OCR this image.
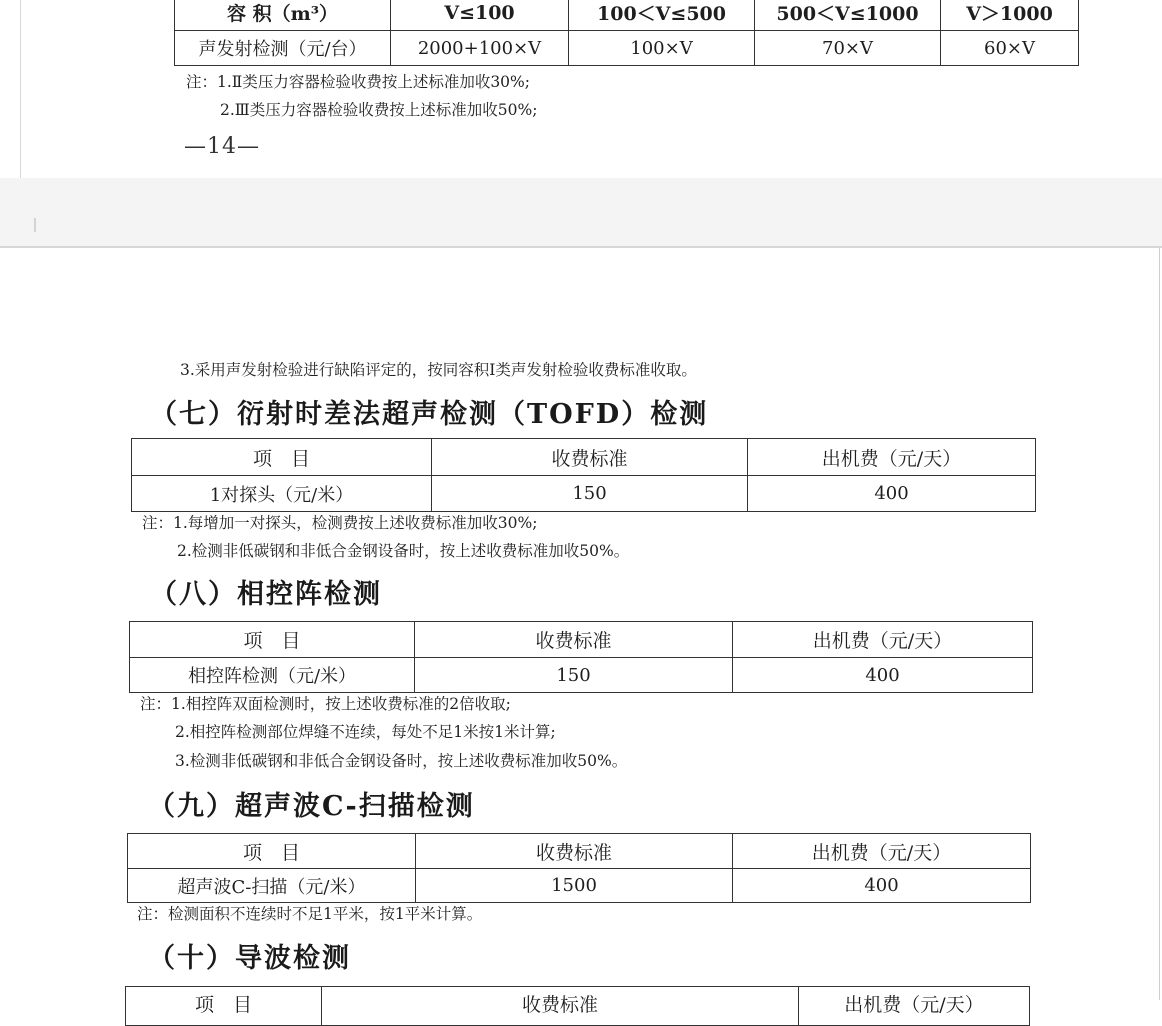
容 积（m³）	V≤100	100＜V≤500	500＜V≤1000	V＞1000
声发射检测（元/台）	2000+100×V	100×V	70×V	60×V
注：1.Ⅱ类压力容器检验收费按上述标准加收30%;
2.Ⅲ类压力容器检验收费按上述标准加收50%;
—14—
3.采用声发射检验进行缺陷评定的，按同容积Ⅰ类声发射检验收费标准收取。
（七）衍射时差法超声检测（TOFD）检测
项　目	收费标准	出机费（元/天）
1对探头（元/米）	150	400
注：1.每增加一对探头，检测费按上述收费标准加收30%;
2.检测非低碳钢和非低合金钢设备时，按上述收费标准加收50%。
（八）相控阵检测
项　目	收费标准	出机费（元/天）
相控阵检测（元/米）	150	400
注：1.相控阵双面检测时，按上述收费标准的2倍收取;
2.相控阵检测部位焊缝不连续，每处不足1米按1米计算;
3.检测非低碳钢和非低合金钢设备时，按上述收费标准加收50%。
（九）超声波C-扫描检测
项　目	收费标准	出机费（元/天）
超声波C-扫描（元/米）	1500	400
注：检测面积不连续时不足1平米，按1平米计算。
（十）导波检测
项　目	收费标准	出机费（元/天）
